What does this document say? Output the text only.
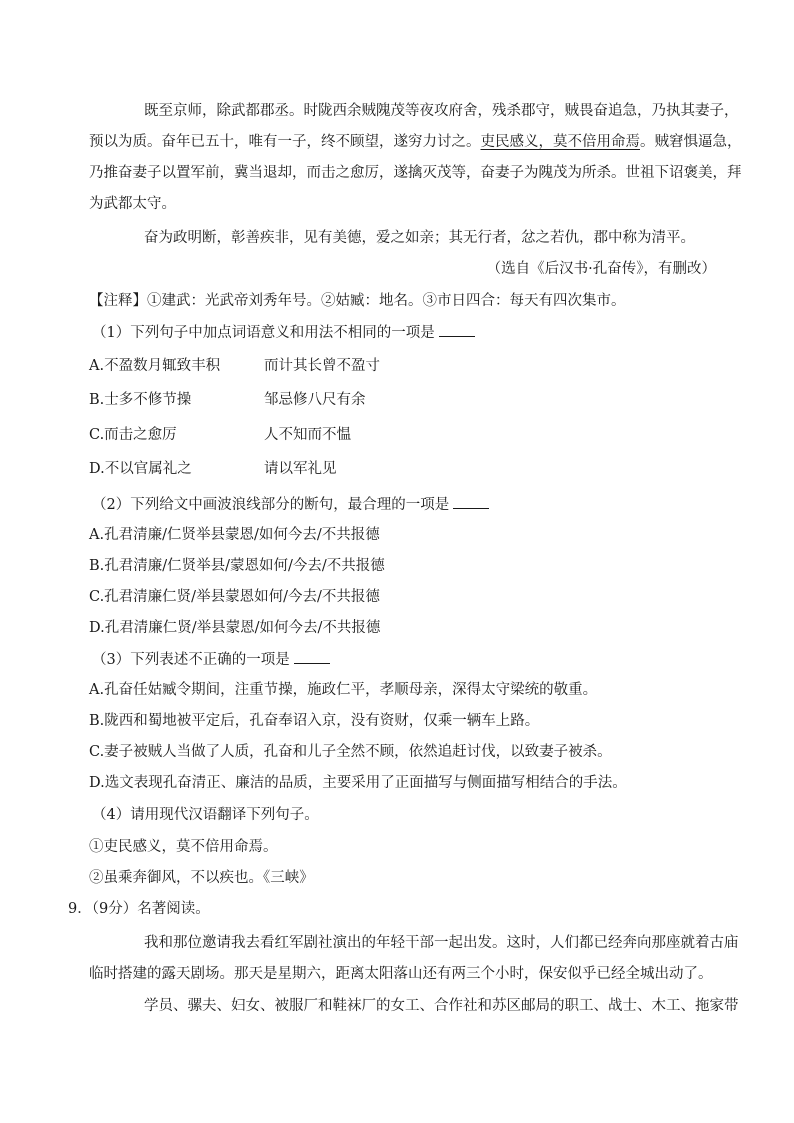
既至京师，除武都郡丞。时陇西余贼隗茂等夜攻府舍，残杀郡守，贼畏奋追急，乃执其妻子，
预以为质。奋年已五十，唯有一子，终不顾望，遂穷力讨之。吏民感义，莫不倍用命焉。贼窘惧逼急，
乃推奋妻子以置军前，冀当退却，而击之愈厉，遂擒灭茂等，奋妻子为隗茂为所杀。世祖下诏褒美，拜
为武都太守。
奋为政明断，彰善疾非，见有美德，爱之如亲；其无行者，忿之若仇，郡中称为清平。
（选自《后汉书·孔奋传》，有删改）
【注释】①建武：光武帝刘秀年号。②姑臧：地名。③市日四合：每天有四次集市。
（1）下列句子中加点词语意义和用法不相同的一项是
A.不盈数月辄致丰积	而计其长曾不盈寸
B.士多不修节操	邹忌修八尺有余
C.而击之愈厉	人不知而不愠
D.不以官属礼之	请以军礼见
（2）下列给文中画波浪线部分的断句，最合理的一项是
A.孔君清廉/仁贤举县蒙恩/如何今去/不共报德
B.孔君清廉/仁贤举县/蒙恩如何/今去/不共报德
C.孔君清廉仁贤/举县蒙恩如何/今去/不共报德
D.孔君清廉仁贤/举县蒙恩/如何今去/不共报德
（3）下列表述不正确的一项是
A.孔奋任姑臧令期间，注重节操，施政仁平，孝顺母亲，深得太守梁统的敬重。
B.陇西和蜀地被平定后，孔奋奉诏入京，没有资财，仅乘一辆车上路。
C.妻子被贼人当做了人质，孔奋和儿子全然不顾，依然追赶讨伐，以致妻子被杀。
D.选文表现孔奋清正、廉洁的品质，主要采用了正面描写与侧面描写相结合的手法。
（4）请用现代汉语翻译下列句子。
①吏民感义，莫不倍用命焉。
②虽乘奔御风，不以疾也。《三峡》
9．（9分）名著阅读。
我和那位邀请我去看红军剧社演出的年轻干部一起出发。这时，人们都已经奔向那座就着古庙
临时搭建的露天剧场。那天是星期六，距离太阳落山还有两三个小时，保安似乎已经全城出动了。
学员、骡夫、妇女、被服厂和鞋袜厂的女工、合作社和苏区邮局的职工、战士、木工、拖家带
